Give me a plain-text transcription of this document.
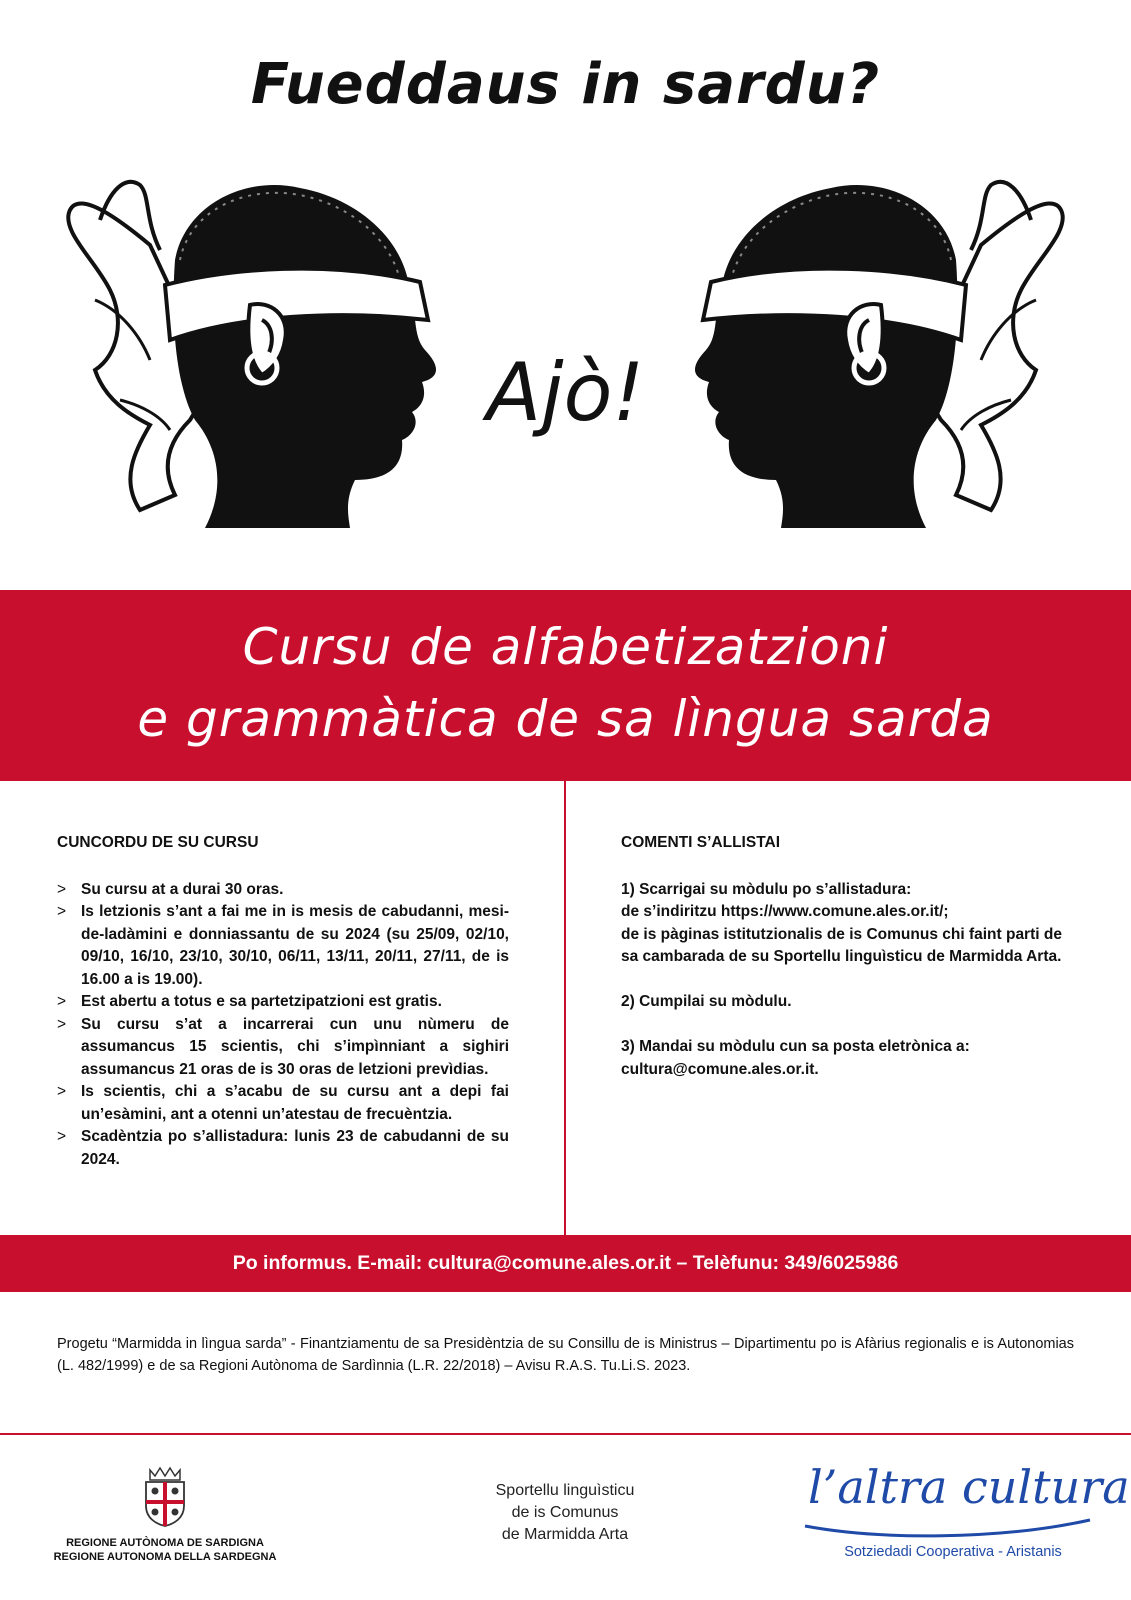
Fueddaus in sardu?
Ajò!
Cursu de alfabetizatzioni
e grammàtica de sa lìngua sarda
CUNCORDU DE SU CURSU
> Su cursu at a durai 30 oras.
> Is letzionis s’ant a fai me in is mesis de cabudanni, mesi-de-ladàmini e donniassantu de su 2024 (su 25/09, 02/10, 09/10, 16/10, 23/10, 30/10, 06/11, 13/11, 20/11, 27/11, de is 16.00 a is 19.00).
> Est abertu a totus e sa partetzipatzioni est gratis.
> Su cursu s’at a incarrerai cun unu nùmeru de assumancus 15 scientis, chi s’impìnniant a sighiri assumancus 21 oras de is 30 oras de letzioni prevìdias.
> Is scientis, chi a s’acabu de su cursu ant a depi fai un’esàmini, ant a otenni un’atestau de frecuèntzia.
> Scadèntzia po s’allistadura: lunis 23 de cabudanni de su 2024.
COMENTI S’ALLISTAI

1) Scarrigai su mòdulu po s’allistadura:

de s’indiritzu https://www.comune.ales.or.it/;

de is pàginas istitutzionalis de is Comunus chi faint parti de sa cambarada de su Sportellu linguìsticu de Marmidda Arta.

2) Cumpilai su mòdulu.

3) Mandai su mòdulu cun sa posta eletrònica a:

cultura@comune.ales.or.it.

Po informus. E-mail: cultura@comune.ales.or.it – Telèfunu: 349/6025986
Progetu “Marmidda in lìngua sarda” - Finantziamentu de sa Presidèntzia de su Consillu de is Ministrus – Dipartimentu po is Afàrius regionalis e is Autonomias (L. 482/1999) e de sa Regioni Autònoma de Sardìnnia (L.R. 22/2018) – Avisu R.A.S. Tu.Li.S. 2023.
REGIONE AUTÒNOMA DE SARDIGNA
REGIONE AUTONOMA DELLA SARDEGNA
Sportellu linguìsticu
de is Comunus
de Marmidda Arta
l’altra cultura
Sotziedadi Cooperativa - Aristanis
